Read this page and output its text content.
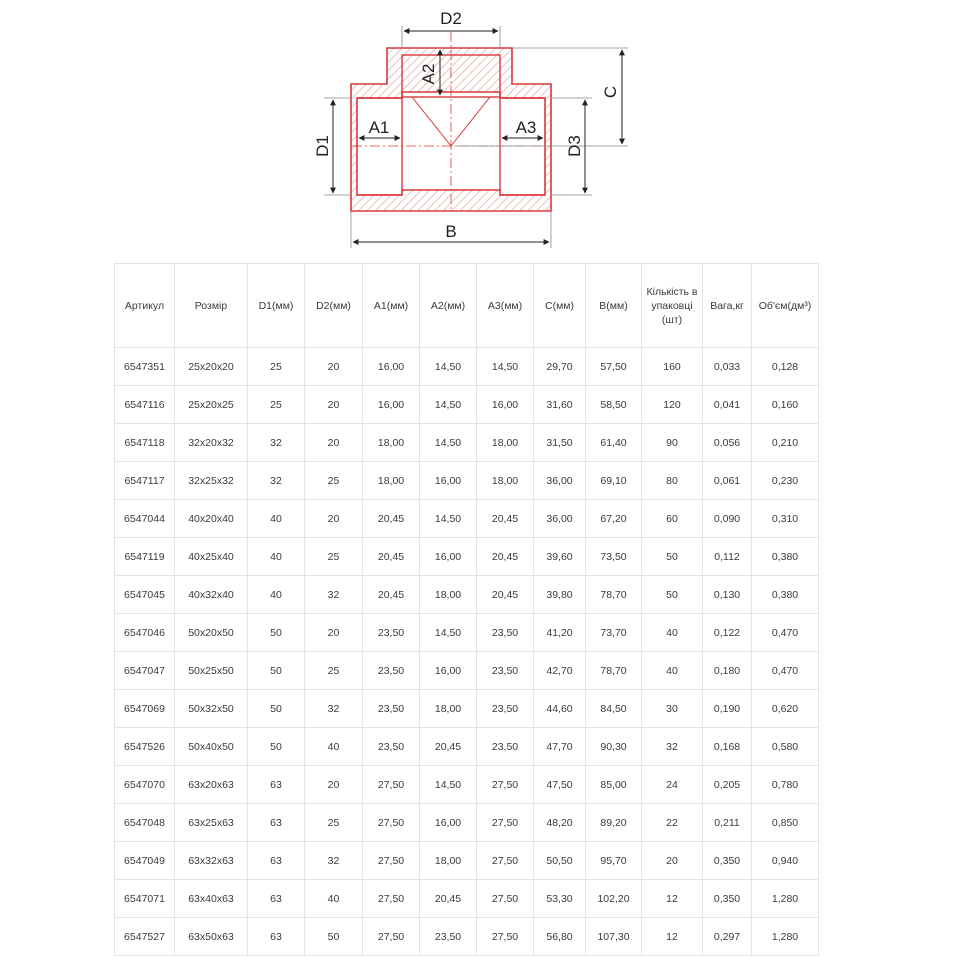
D2
A2
A1	A3
D1	D3
C
B
Артикул	Розмір	D1(мм)	D2(мм)	A1(мм)	A2(мм)	A3(мм)	C(мм)	B(мм)	Кількість в упаковці (шт)	Вага,кг	Об'єм(дм³)
6547351	25x20x20	25	20	16,00	14,50	14,50	29,70	57,50	160	0,033	0,128
6547116	25x20x25	25	20	16,00	14,50	16,00	31,60	58,50	120	0,041	0,160
6547118	32x20x32	32	20	18,00	14,50	18,00	31,50	61,40	90	0,056	0,210
6547117	32x25x32	32	25	18,00	16,00	18,00	36,00	69,10	80	0,061	0,230
6547044	40x20x40	40	20	20,45	14,50	20,45	36,00	67,20	60	0,090	0,310
6547119	40x25x40	40	25	20,45	16,00	20,45	39,60	73,50	50	0,112	0,380
6547045	40x32x40	40	32	20,45	18,00	20,45	39,80	78,70	50	0,130	0,380
6547046	50x20x50	50	20	23,50	14,50	23,50	41,20	73,70	40	0,122	0,470
6547047	50x25x50	50	25	23,50	16,00	23,50	42,70	78,70	40	0,180	0,470
6547069	50x32x50	50	32	23,50	18,00	23,50	44,60	84,50	30	0,190	0,620
6547526	50x40x50	50	40	23,50	20,45	23,50	47,70	90,30	32	0,168	0,580
6547070	63x20x63	63	20	27,50	14,50	27,50	47,50	85,00	24	0,205	0,780
6547048	63x25x63	63	25	27,50	16,00	27,50	48,20	89,20	22	0,211	0,850
6547049	63x32x63	63	32	27,50	18,00	27,50	50,50	95,70	20	0,350	0,940
6547071	63x40x63	63	40	27,50	20,45	27,50	53,30	102,20	12	0,350	1,280
6547527	63x50x63	63	50	27,50	23,50	27,50	56,80	107,30	12	0,297	1,280
